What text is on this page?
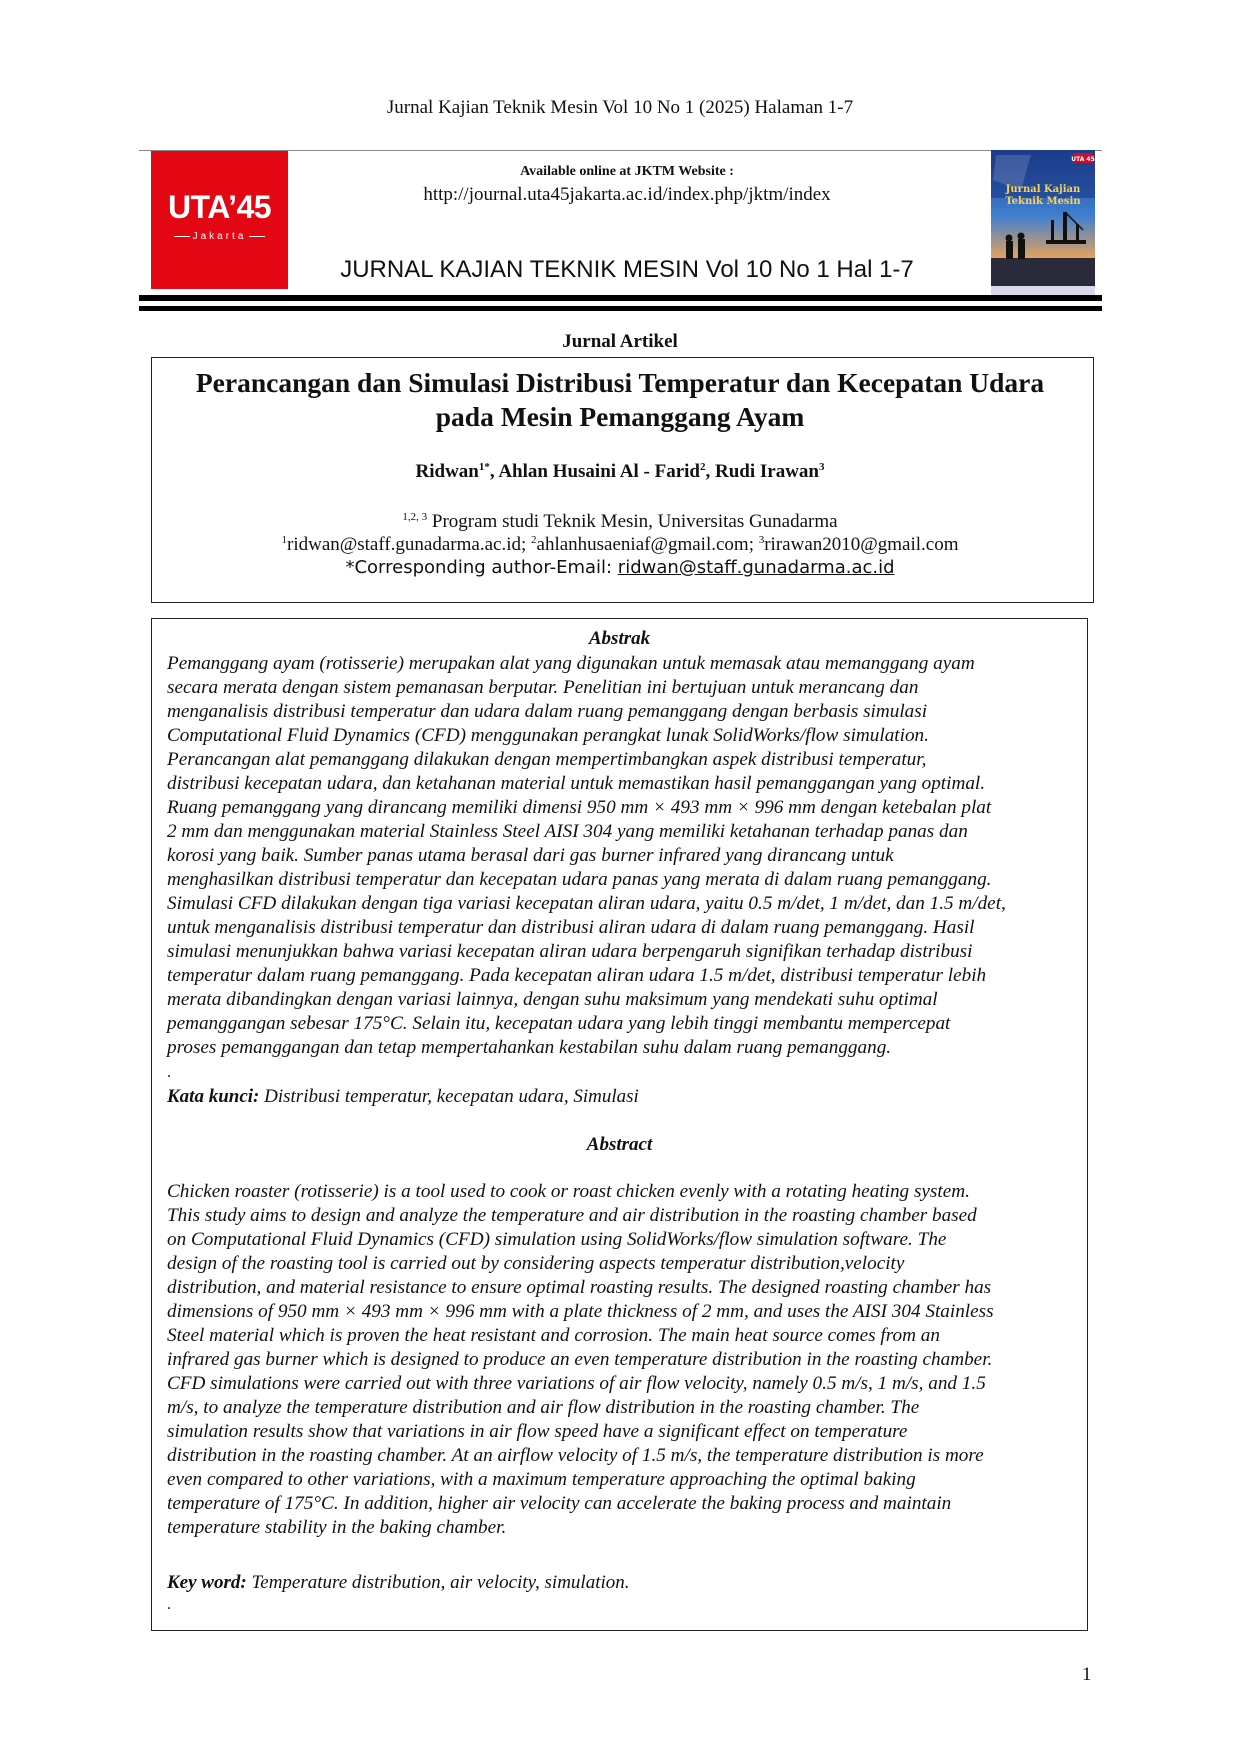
Jurnal Kajian Teknik Mesin Vol 10 No 1 (2025) Halaman 1-7
UTA’45
Jakarta
Available online at JKTM Website :
http://journal.uta45jakarta.ac.id/index.php/jktm/index
JURNAL KAJIAN TEKNIK MESIN Vol 10 No 1 Hal 1-7
UTA 45
Jurnal Kajian
Teknik Mesin
Jurnal Artikel
Perancangan dan Simulasi Distribusi Temperatur dan Kecepatan Udara
pada Mesin Pemanggang Ayam
Ridwan$^{1*}$, Ahlan Husaini Al - Farid$^2$, Rudi Irawan$^3$
$^{1,2, 3}$ Program studi Teknik Mesin, Universitas Gunadarma
$^1$ridwan@staff.gunadarma.ac.id; $^2$ahlanhusaeniaf@gmail.com; $^3$rirawan2010@gmail.com
*Corresponding author-Email: ridwan@staff.gunadarma.ac.id
Abstrak
Pemanggang ayam (rotisserie) merupakan alat yang digunakan untuk memasak atau memanggang ayam
secara merata dengan sistem pemanasan berputar. Penelitian ini bertujuan untuk merancang dan
menganalisis distribusi temperatur dan udara dalam ruang pemanggang dengan berbasis simulasi
Computational Fluid Dynamics (CFD) menggunakan perangkat lunak SolidWorks/flow simulation.
Perancangan alat pemanggang dilakukan dengan mempertimbangkan aspek distribusi temperatur,
distribusi kecepatan udara, dan ketahanan material untuk memastikan hasil pemanggangan yang optimal.
Ruang pemanggang yang dirancang memiliki dimensi 950 mm × 493 mm × 996 mm dengan ketebalan plat
2 mm dan menggunakan material Stainless Steel AISI 304 yang memiliki ketahanan terhadap panas dan
korosi yang baik. Sumber panas utama berasal dari gas burner infrared yang dirancang untuk
menghasilkan distribusi temperatur dan kecepatan udara panas yang merata di dalam ruang pemanggang.
Simulasi CFD dilakukan dengan tiga variasi kecepatan aliran udara, yaitu 0.5 m/det, 1 m/det, dan 1.5 m/det,
untuk menganalisis distribusi temperatur dan distribusi aliran udara di dalam ruang pemanggang. Hasil
simulasi menunjukkan bahwa variasi kecepatan aliran udara berpengaruh signifikan terhadap distribusi
temperatur dalam ruang pemanggang. Pada kecepatan aliran udara 1.5 m/det, distribusi temperatur lebih
merata dibandingkan dengan variasi lainnya, dengan suhu maksimum yang mendekati suhu optimal
pemanggangan sebesar 175°C. Selain itu, kecepatan udara yang lebih tinggi membantu mempercepat
proses pemanggangan dan tetap mempertahankan kestabilan suhu dalam ruang pemanggang.
.
Kata kunci: Distribusi temperatur, kecepatan udara, Simulasi
Abstract
Chicken roaster (rotisserie) is a tool used to cook or roast chicken evenly with a rotating heating system.
This study aims to design and analyze the temperature and air distribution in the roasting chamber based
on Computational Fluid Dynamics (CFD) simulation using SolidWorks/flow simulation software. The
design of the roasting tool is carried out by considering aspects temperatur distribution,velocity
distribution, and material resistance to ensure optimal roasting results. The designed roasting chamber has
dimensions of 950 mm × 493 mm × 996 mm with a plate thickness of 2 mm, and uses the AISI 304 Stainless
Steel material which is proven the heat resistant and corrosion. The main heat source comes from an
infrared gas burner which is designed to produce an even temperature distribution in the roasting chamber.
CFD simulations were carried out with three variations of air flow velocity, namely 0.5 m/s, 1 m/s, and 1.5
m/s, to analyze the temperature distribution and air flow distribution in the roasting chamber. The
simulation results show that variations in air flow speed have a significant effect on temperature
distribution in the roasting chamber. At an airflow velocity of 1.5 m/s, the temperature distribution is more
even compared to other variations, with a maximum temperature approaching the optimal baking
temperature of 175°C. In addition, higher air velocity can accelerate the baking process and maintain
temperature stability in the baking chamber.
Key word: Temperature distribution, air velocity, simulation.
.
1
